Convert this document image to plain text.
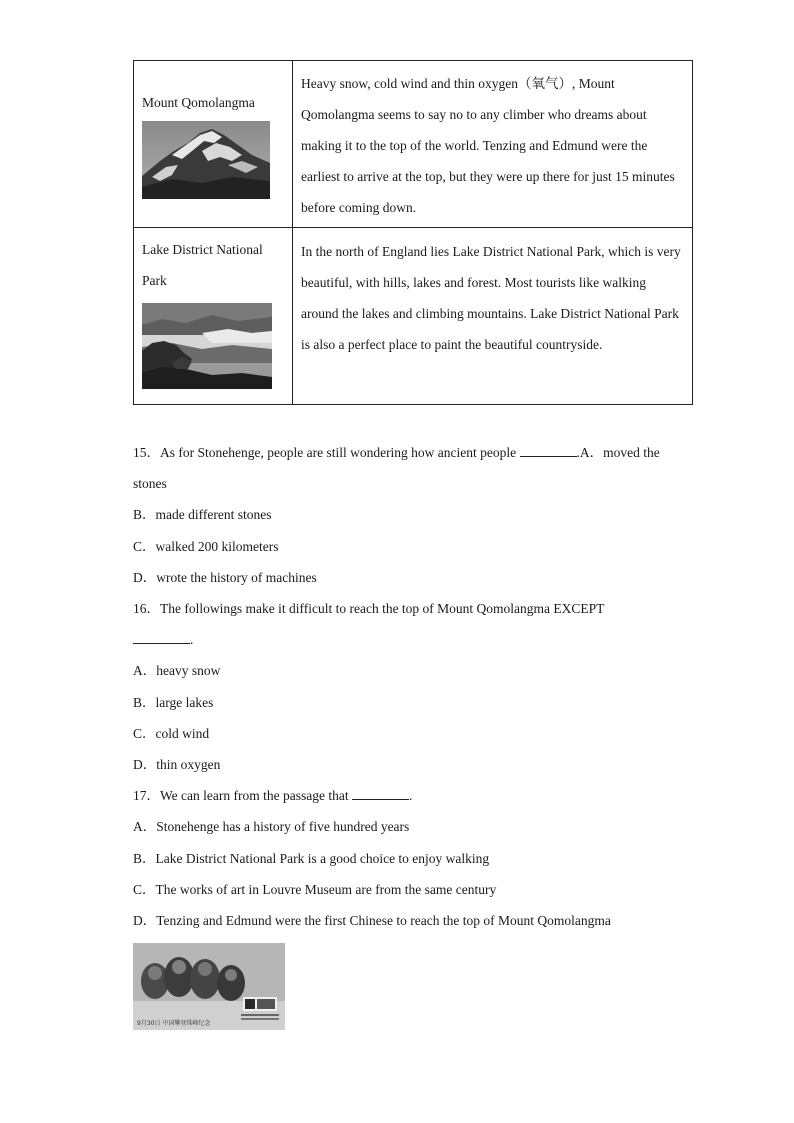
Mount Qomolangma	Heavy snow, cold wind and thin oxygen（氧气）, Mount Qomolangma seems to say no to any climber who dreams about making it to the top of the world. Tenzing and Edmund were the earliest to arrive at the top, but they were up there for just 15 minutes before coming down.

Lake District National Park	In the north of England lies Lake District National Park, which is very beautiful, with hills, lakes and forest. Most tourists like walking around the lakes and climbing mountains. Lake District National Park is also a perfect place to paint the beautiful countryside.

15．As for Stonehenge, people are still wondering how ancient people	.A．moved the stones

B．made different stones

C．walked 200 kilometers

D．wrote the history of machines

16．The followings make it difficult to reach the top of Mount Qomolangma EXCEPT .

A．heavy snow

B．large lakes

C．cold wind

D．thin oxygen

17．We can learn from the passage that	.

A．Stonehenge has a history of five hundred years

B．Lake District National Park is a good choice to enjoy walking

C．The works of art in Louvre Museum are from the same century

D．Tenzing and Edmund were the first Chinese to reach the top of Mount Qomolangma

9月30日 中国攀登珠峰纪念
